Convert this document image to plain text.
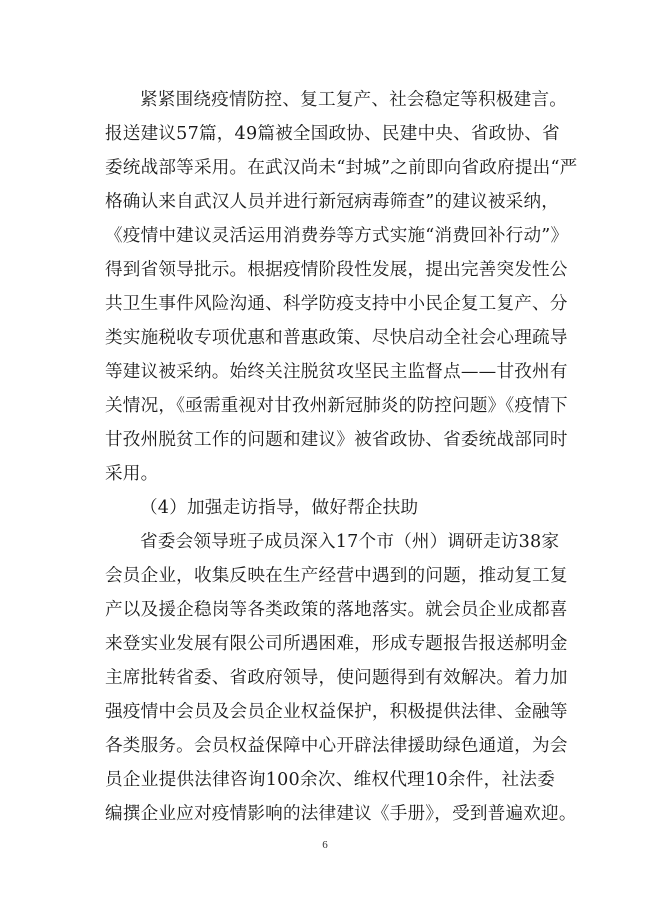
紧紧围绕疫情防控、复工复产、社会稳定等积极建言。
报送建议57篇，49篇被全国政协、民建中央、省政协、省
委统战部等采用。在武汉尚未“封城”之前即向省政府提出“严
格确认来自武汉人员并进行新冠病毒筛查”的建议被采纳，
《疫情中建议灵活运用消费券等方式实施“消费回补行动”》
得到省领导批示。根据疫情阶段性发展，提出完善突发性公
共卫生事件风险沟通、科学防疫支持中小民企复工复产、分
类实施税收专项优惠和普惠政策、尽快启动全社会心理疏导
等建议被采纳。始终关注脱贫攻坚民主监督点——甘孜州有
关情况，《亟需重视对甘孜州新冠肺炎的防控问题》《疫情下
甘孜州脱贫工作的问题和建议》被省政协、省委统战部同时
采用。
（4）加强走访指导，做好帮企扶助
省委会领导班子成员深入17个市（州）调研走访38家
会员企业，收集反映在生产经营中遇到的问题，推动复工复
产以及援企稳岗等各类政策的落地落实。就会员企业成都喜
来登实业发展有限公司所遇困难，形成专题报告报送郝明金
主席批转省委、省政府领导，使问题得到有效解决。着力加
强疫情中会员及会员企业权益保护，积极提供法律、金融等
各类服务。会员权益保障中心开辟法律援助绿色通道，为会
员企业提供法律咨询100余次、维权代理10余件，社法委
编撰企业应对疫情影响的法律建议《手册》，受到普遍欢迎。
6
